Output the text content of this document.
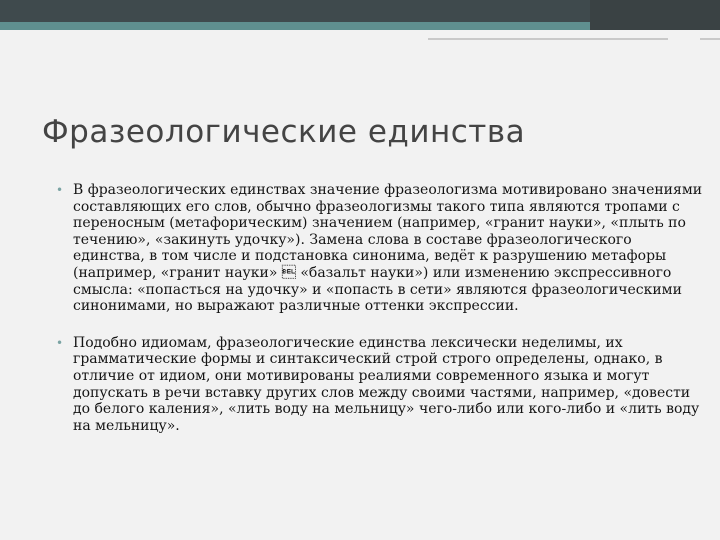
Фразеологические единства
• В фразеологических единствах значение фразеологизма мотивировано значениями составляющих его слов, обычно фразеологизмы такого типа являются тропами с переносным (метафорическим) значением (например, «гранит науки», «плыть по течению», «закинуть удочку»). Замена слова в составе фразеологического единства, в том числе и подстановка синонима, ведёт к разрушению метафоры (например, «гранит науки»  «базальт науки») или изменению экспрессивного смысла: «попасться на удочку» и «попасть в сети» являются фразеологическими синонимами, но выражают различные оттенки экспрессии.
• Подобно идиомам, фразеологические единства лексически неделимы, их грамматические формы и синтаксический строй строго определены, однако, в отличие от идиом, они мотивированы реалиями современного языка и могут допускать в речи вставку других слов между своими частями, например, «довести до белого каления», «лить воду на мельницу» чего-либо или кого-либо и «лить воду на мельницу».
